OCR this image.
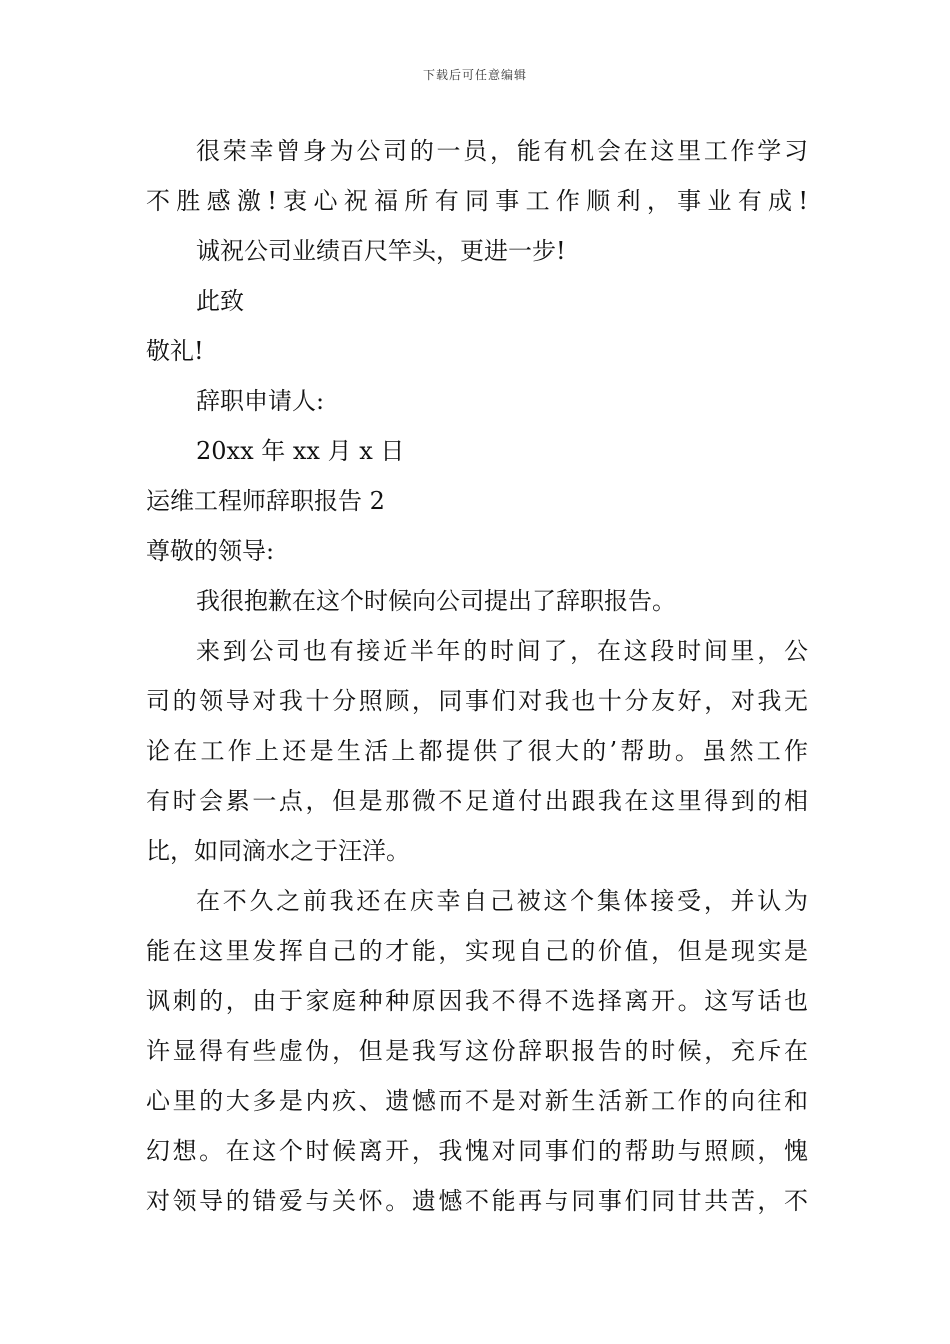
下载后可任意编辑
很荣幸曾身为公司的一员，能有机会在这里工作学习
不胜感激!衷心祝福所有同事工作顺利，事业有成!
诚祝公司业绩百尺竿头，更进一步!
此致
敬礼!
辞职申请人:
20xx 年 xx 月 x 日
运维工程师辞职报告 2
尊敬的领导:
我很抱歉在这个时候向公司提出了辞职报告。
来到公司也有接近半年的时间了，在这段时间里，公
司的领导对我十分照顾，同事们对我也十分友好，对我无
论在工作上还是生活上都提供了很大的’帮助。虽然工作
有时会累一点，但是那微不足道付出跟我在这里得到的相
比，如同滴水之于汪洋。
在不久之前我还在庆幸自己被这个集体接受，并认为
能在这里发挥自己的才能，实现自己的价值，但是现实是
讽刺的，由于家庭种种原因我不得不选择离开。这写话也
许显得有些虚伪，但是我写这份辞职报告的时候，充斥在
心里的大多是内疚、遗憾而不是对新生活新工作的向往和
幻想。在这个时候离开，我愧对同事们的帮助与照顾，愧
对领导的错爱与关怀。遗憾不能再与同事们同甘共苦，不
